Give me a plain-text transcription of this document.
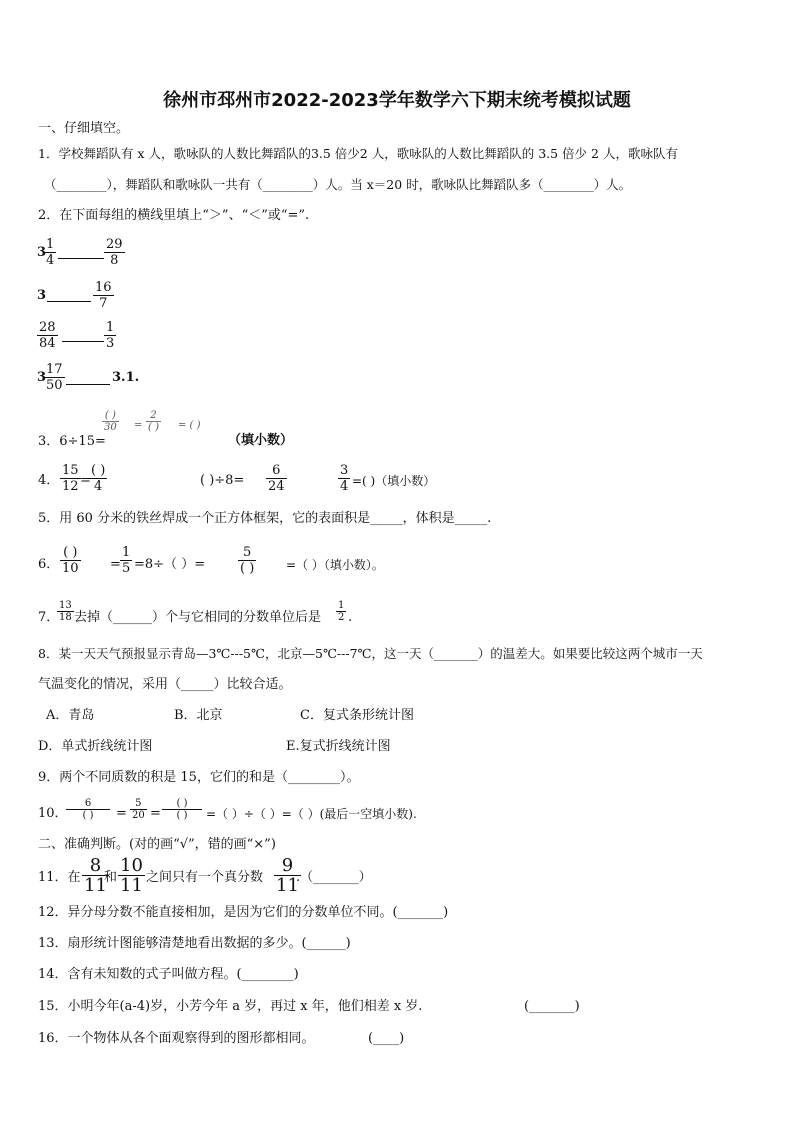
徐州市邳州市2022-2023学年数学六下期末统考模拟试题
一、仔细填空。
1．学校舞蹈队有 x 人，歌咏队的人数比舞蹈队的3.5 倍少2 人，歌咏队的人数比舞蹈队的 3.5 倍少 2 人，歌咏队有
（________），舞蹈队和歌咏队一共有（________）人。当 x＝20 时，歌咏队比舞蹈队多（________）人。
2．在下面每组的横线里填上“＞”、“＜”或“=”.
3
1
4
29
8
3
16
7
28
84
1
3
3
17
50
3.1.
3．6÷15=
( )
30 =
2
( ) = ( )
（填小数）
4．
15
12 =
( )
4	( )÷8=
6
24
3
4 =( )（填小数）
5．用 60 分米的铁丝焊成一个正方体框架，它的表面积是_____，体积是_____.
6．
( )
10 =
1
5 =8÷（ ）=
5
( )	=（ ）（填小数）。
7．
13
18 去掉（______）个与它相同的分数单位后是
1
2 .
8．某一天天气预报显示青岛—3℃---5℃，北京—5℃---7℃，这一天（_______）的温差大。如果要比较这两个城市一天
气温变化的情况，采用（_____）比较合适。
A．青岛	B．北京	C．复式条形统计图
D．单式折线统计图	E.复式折线统计图
9．两个不同质数的积是 15，它们的和是（________）。
10．
6
( ) =
5
20 =
( )
( ) =（ ）÷（ ）=（ ）(最后一空填小数).
二、准确判断。(对的画“√”，错的画“×”)
11．在
8
11
和
10
11 之间只有一个真分数
9
11
.（_______）
12．异分母分数不能直接相加，是因为它们的分数单位不同。(_______)
13．扇形统计图能够清楚地看出数据的多少。(______)
14．含有未知数的式子叫做方程。(________)
15．小明今年(a-4)岁，小芳今年 a 岁，再过 x 年，他们相差 x 岁.	(_______)
16．一个物体从各个面观察得到的图形都相同。	(____)
